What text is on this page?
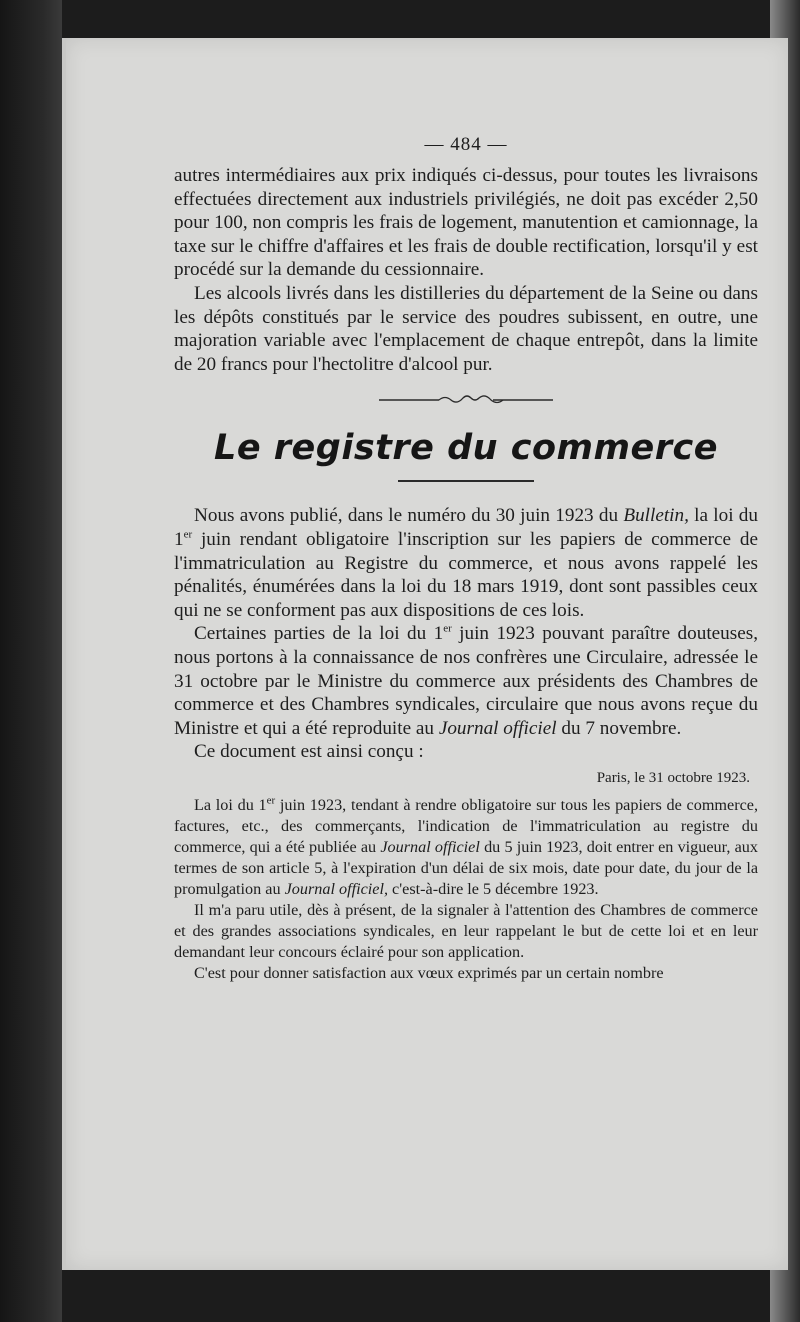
— 484 —

autres intermédiaires aux prix indiqués ci-dessus, pour toutes les livraisons effectuées directement aux industriels privilégiés, ne doit pas excéder 2,50 pour 100, non compris les frais de logement, manutention et camionnage, la taxe sur le chiffre d'affaires et les frais de double rectification, lorsqu'il y est procédé sur la demande du cessionnaire.

Les alcools livrés dans les distilleries du département de la Seine ou dans les dépôts constitués par le service des poudres subissent, en outre, une majoration variable avec l'emplacement de chaque entrepôt, dans la limite de 20 francs pour l'hectolitre d'alcool pur.

Le registre du commerce

Nous avons publié, dans le numéro du 30 juin 1923 du Bulletin, la loi du 1er juin rendant obligatoire l'inscription sur les papiers de commerce de l'immatriculation au Registre du commerce, et nous avons rappelé les pénalités, énumérées dans la loi du 18 mars 1919, dont sont passibles ceux qui ne se conforment pas aux dispositions de ces lois.

Certaines parties de la loi du 1er juin 1923 pouvant paraître douteuses, nous portons à la connaissance de nos confrères une Circulaire, adressée le 31 octobre par le Ministre du commerce aux présidents des Chambres de commerce et des Chambres syndicales, circulaire que nous avons reçue du Ministre et qui a été reproduite au Journal officiel du 7 novembre.

Ce document est ainsi conçu :

Paris, le 31 octobre 1923.

La loi du 1er juin 1923, tendant à rendre obligatoire sur tous les papiers de commerce, factures, etc., des commerçants, l'indication de l'immatriculation au registre du commerce, qui a été publiée au Journal officiel du 5 juin 1923, doit entrer en vigueur, aux termes de son article 5, à l'expiration d'un délai de six mois, date pour date, du jour de la promulgation au Journal officiel, c'est-à-dire le 5 décembre 1923.

Il m'a paru utile, dès à présent, de la signaler à l'attention des Chambres de commerce et des grandes associations syndicales, en leur rappelant le but de cette loi et en leur demandant leur concours éclairé pour son application.

C'est pour donner satisfaction aux vœux exprimés par un certain nombre
